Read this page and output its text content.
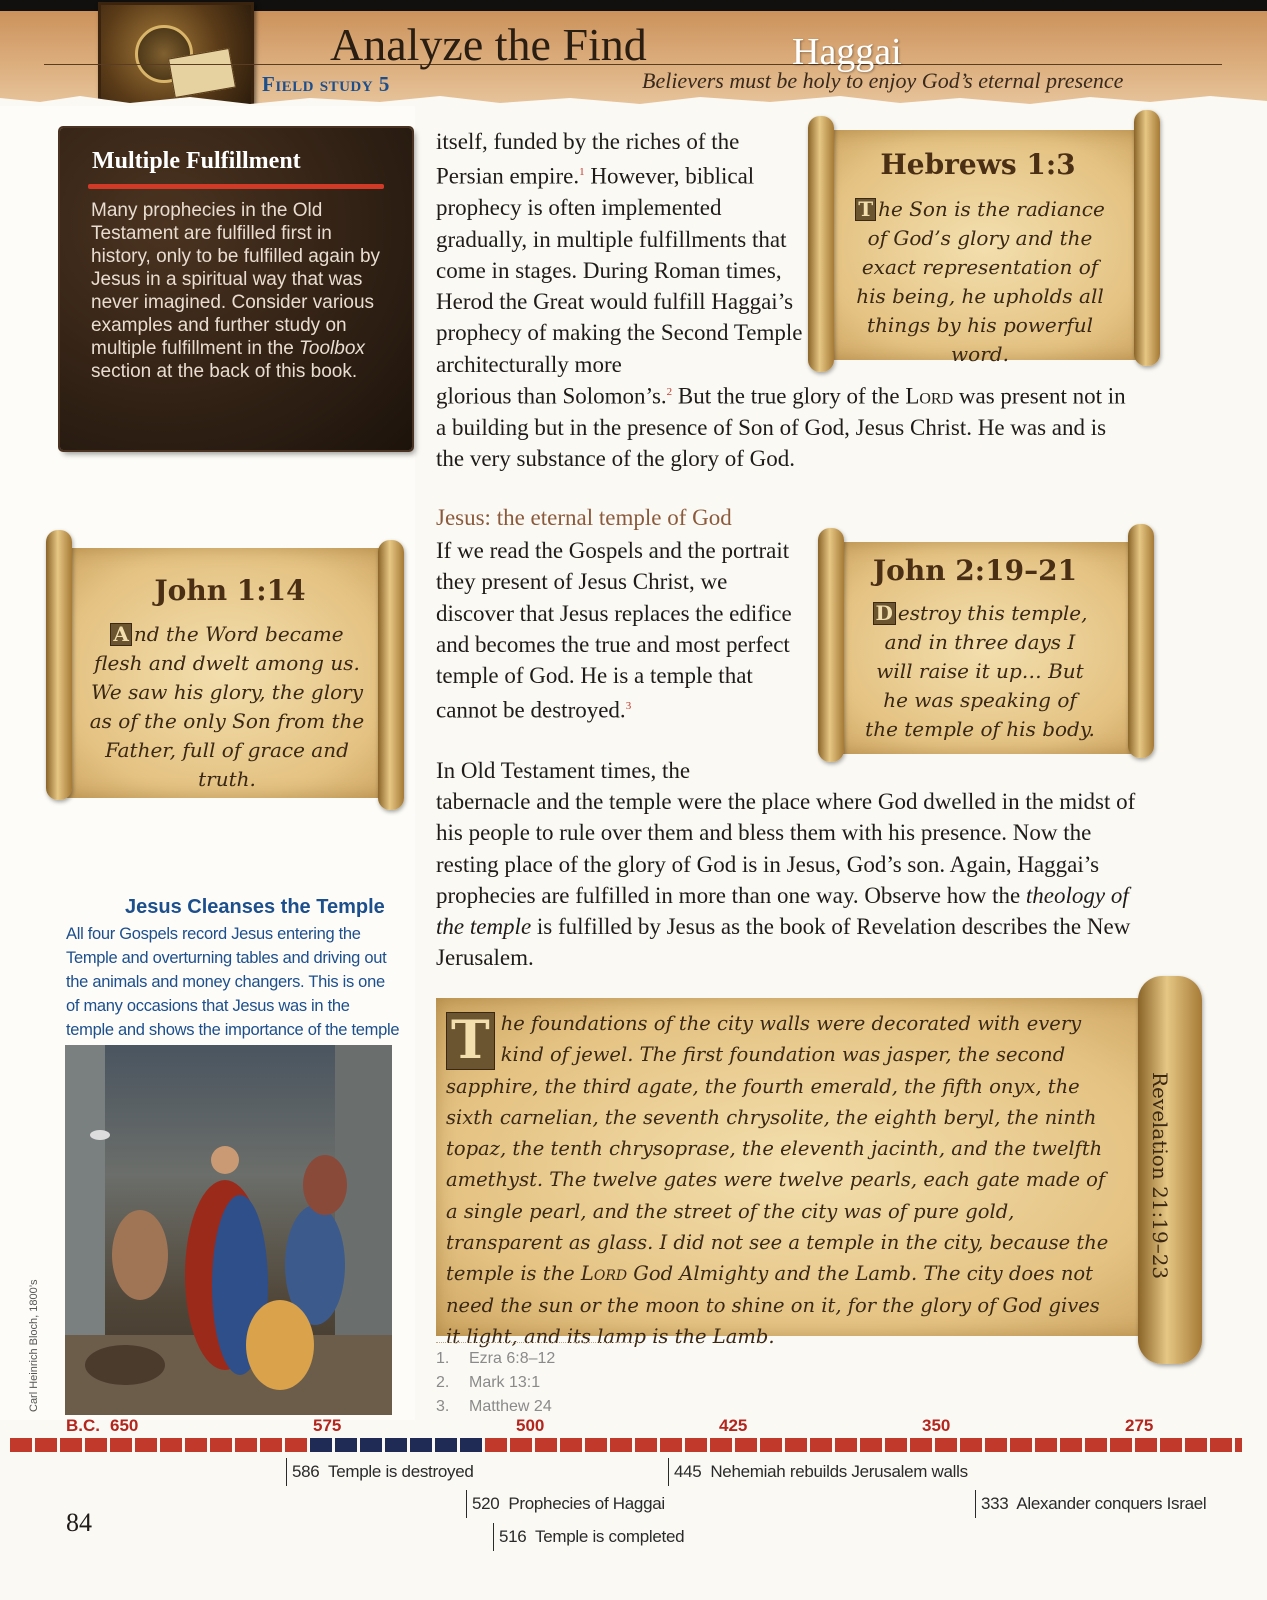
Analyze the Find
Field study 5
Haggai
Believers must be holy to enjoy God’s eternal presence
Multiple Fulfillment
Many prophecies in the Old Testament are fulfilled first in history, only to be fulfilled again by Jesus in a spiritual way that was never imagined. Consider various examples and further study on multiple fulfillment in the Toolbox section at the back of this book.
John 1:14
A nd the Word became flesh and dwelt among us. We saw his glory, the glory as of the only Son from the Father, full of grace and truth.
Jesus Cleanses the Temple
All four Gospels record Jesus entering the Temple and overturning tables and driving out the animals and money changers. This is one of many occasions that Jesus was in the temple and shows the importance of the temple
Carl Heinrich Bloch, 1800’s
Hebrews 1:3
T he Son is the radiance of God’s glory and the exact representation of his being, he upholds all things by his powerful word.
John 2:19–21
D estroy this temple, and in three days I will raise it up… But he was speaking of the temple of his body.
Revelation 21:19–23
T he foundations of the city walls were decorated with every kind of jewel. The first foundation was jasper, the second sapphire, the third agate, the fourth emerald, the fifth onyx, the sixth carnelian, the seventh chrysolite, the eighth beryl, the ninth topaz, the tenth chrysoprase, the eleventh jacinth, and the twelfth amethyst. The twelve gates were twelve pearls, each gate made of a single pearl, and the street of the city was of pure gold, transparent as glass. I did not see a temple in the city, because the temple is the Lord God Almighty and the Lamb. The city does not need the sun or the moon to shine on it, for the glory of God gives it light, and its lamp is the Lamb.
itself, funded by the riches of the Persian empire.$^1$ However, biblical prophecy is often implemented gradually, in multiple fulfillments that come in stages. During Roman times, Herod the Great would fulfill Haggai’s prophecy of making the Second Temple architecturally more
glorious than Solomon’s.$^2$ But the true glory of the Lord was present not in a building but in the presence of Son of God, Jesus Christ. He was and is the very substance of the glory of God.
Jesus: the eternal temple of God
If we read the Gospels and the portrait they present of Jesus Christ, we discover that Jesus replaces the edifice and becomes the true and most perfect temple of God. He is a temple that cannot be destroyed.$^3$
In Old Testament times, the
tabernacle and the temple were the place where God dwelled in the midst of his people to rule over them and bless them with his presence. Now the resting place of the glory of God is in Jesus, God’s son. Again, Haggai’s prophecies are fulfilled in more than one way. Observe how the theology of the temple is fulfilled by Jesus as the book of Revelation describes the New Jerusalem.
1. Ezra 6:8–12
2. Mark 13:1
3. Matthew 24
B.C. 650	575	500	425	350	275
586 Temple is destroyed	445 Nehemiah rebuilds Jerusalem walls
520 Prophecies of Haggai	333 Alexander conquers Israel
516 Temple is completed
84
